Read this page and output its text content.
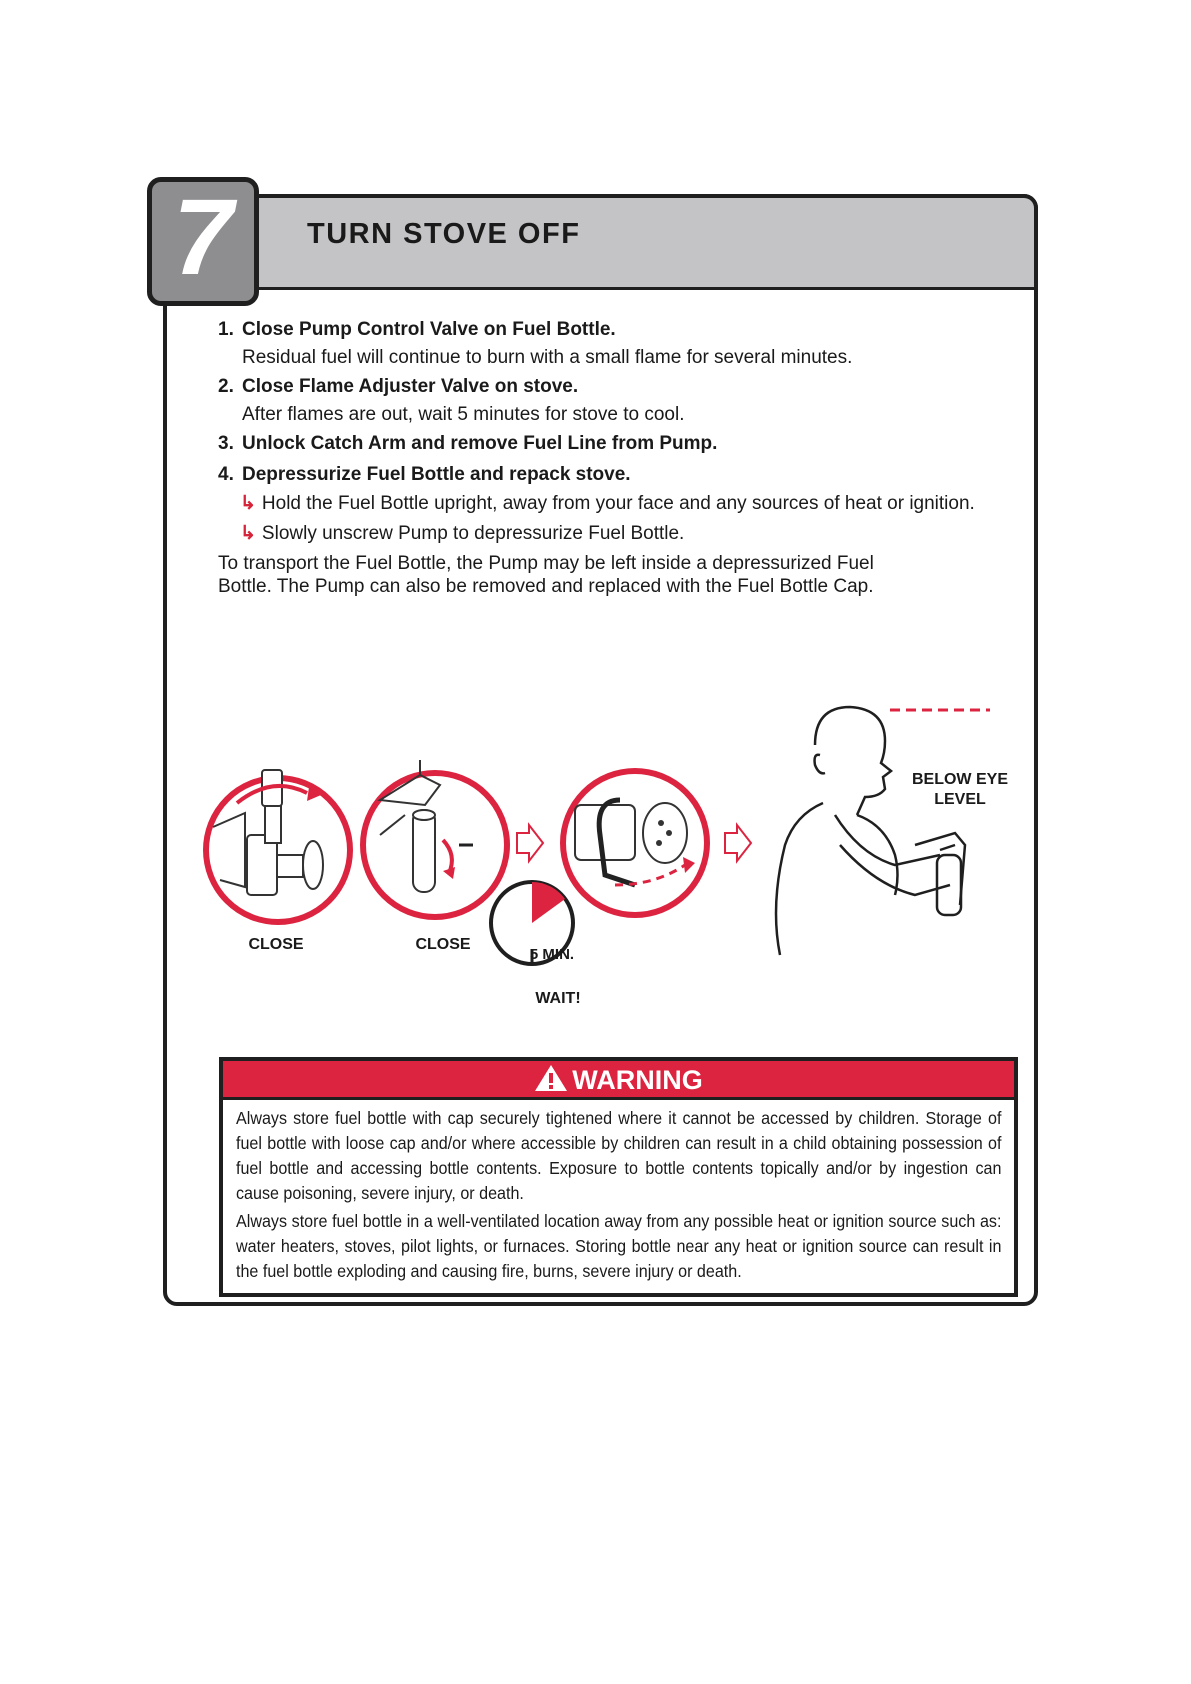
7	TURN STOVE OFF
1. Close Pump Control Valve on Fuel Bottle.
Residual fuel will continue to burn with a small flame for several minutes.
2. Close Flame Adjuster Valve on stove.
After flames are out, wait 5 minutes for stove to cool.
3. Unlock Catch Arm and remove Fuel Line from Pump.
4. Depressurize Fuel Bottle and repack stove.
↳ Hold the Fuel Bottle upright, away from your face and any sources of heat or ignition.
↳ Slowly unscrew Pump to depressurize Fuel Bottle.
To transport the Fuel Bottle, the Pump may be left inside a depressurized Fuel
Bottle. The Pump can also be removed and replaced with the Fuel Bottle Cap.
CLOSE	CLOSE
5 MIN.
WAIT!
BELOW EYE
LEVEL
WARNING
Always store fuel bottle with cap securely tightened where it cannot be accessed by children. Storage of fuel bottle with loose cap and/or where accessible by children can result in a child obtaining possession of fuel bottle and accessing bottle contents. Exposure to bottle contents topically and/or by ingestion can cause poisoning, severe injury, or death.
Always store fuel bottle in a well-ventilated location away from any possible heat or ignition source such as: water heaters, stoves, pilot lights, or furnaces. Storing bottle near any heat or ignition source can result in the fuel bottle exploding and causing fire, burns, severe injury or death.
